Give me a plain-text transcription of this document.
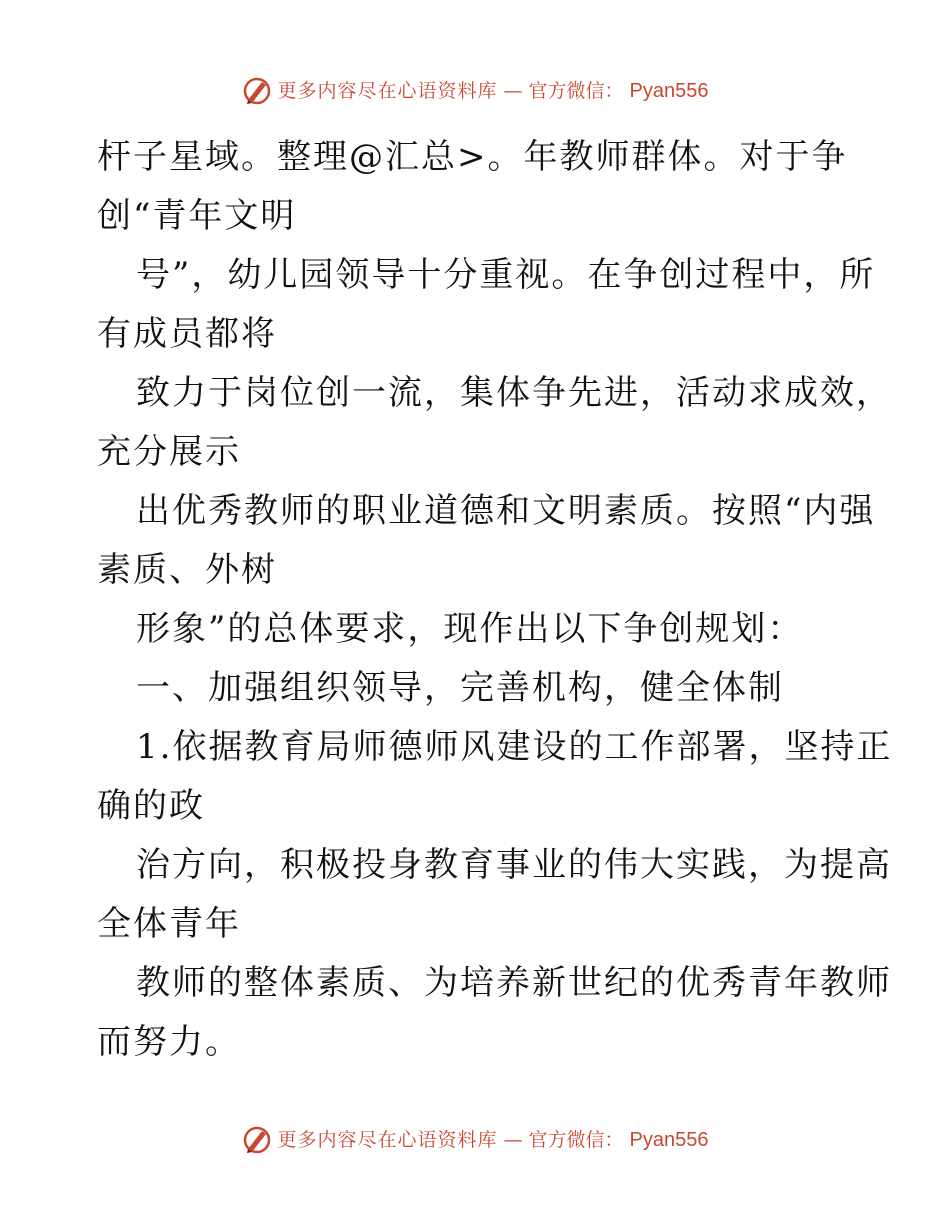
更多内容尽在心语资料库 — 官方微信： Pyan556
杆子星域。整理@汇总>。年教师群体。对于争
创“青年文明
号”，幼儿园领导十分重视。在争创过程中，所
有成员都将
致力于岗位创一流，集体争先进，活动求成效，
充分展示
出优秀教师的职业道德和文明素质。按照“内强
素质、外树
形象”的总体要求，现作出以下争创规划：
一、加强组织领导，完善机构，健全体制
1.依据教育局师德师风建设的工作部署，坚持正
确的政
治方向，积极投身教育事业的伟大实践，为提高
全体青年
教师的整体素质、为培养新世纪的优秀青年教师
而努力。
更多内容尽在心语资料库 — 官方微信： Pyan556
